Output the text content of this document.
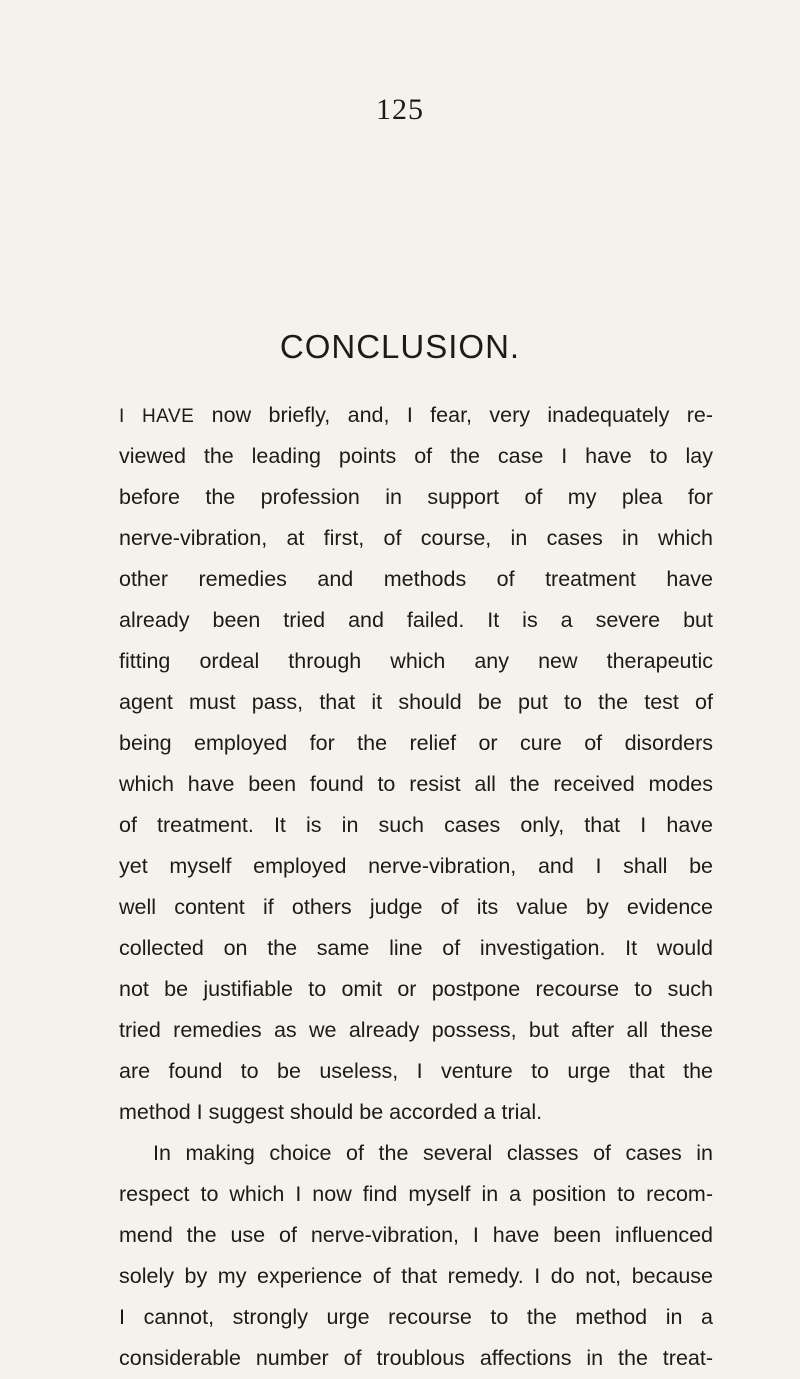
125

CONCLUSION.
I HAVE now briefly, and, I fear, very inadequately re-
viewed the leading points of the case I have to lay
before the profession in support of my plea for
nerve-vibration, at first, of course, in cases in which
other remedies and methods of treatment have
already been tried and failed. It is a severe but
fitting ordeal through which any new therapeutic
agent must pass, that it should be put to the test of
being employed for the relief or cure of disorders
which have been found to resist all the received modes
of treatment. It is in such cases only, that I have
yet myself employed nerve-vibration, and I shall be
well content if others judge of its value by evidence
collected on the same line of investigation. It would
not be justifiable to omit or postpone recourse to such
tried remedies as we already possess, but after all these
are found to be useless, I venture to urge that the
method I suggest should be accorded a trial.
In making choice of the several classes of cases in
respect to which I now find myself in a position to recom-
mend the use of nerve-vibration, I have been influenced
solely by my experience of that remedy. I do not, because
I cannot, strongly urge recourse to the method in a
considerable number of troublous affections in the treat-
